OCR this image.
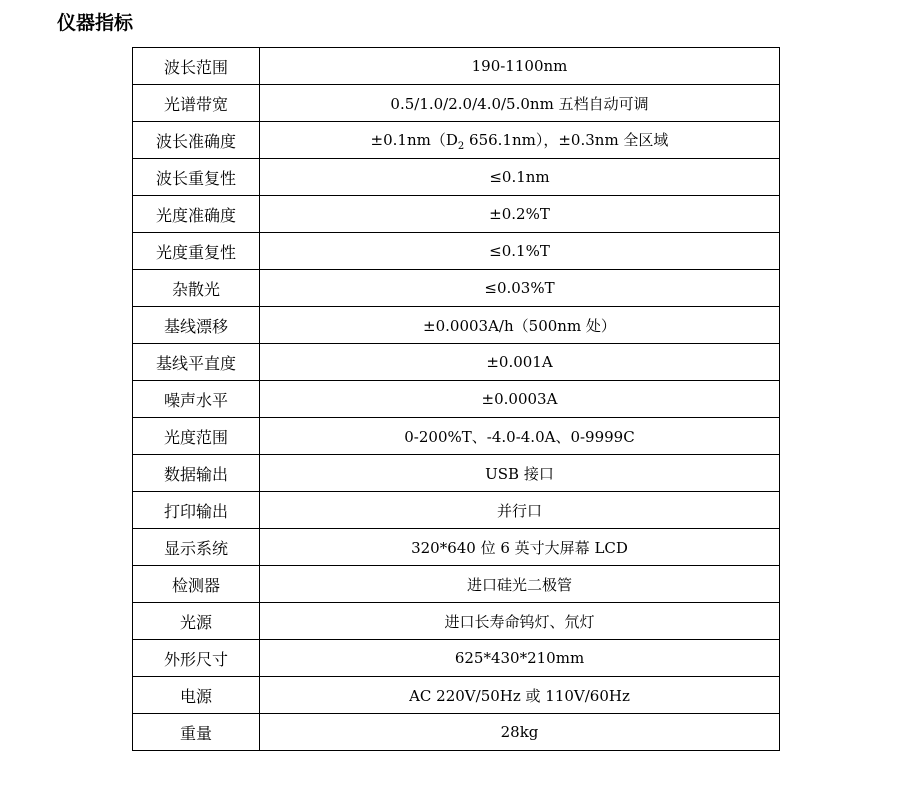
仪器指标
波长范围	190-1100nm
光谱带宽	0.5/1.0/2.0/4.0/5.0nm 五档自动可调
波长准确度	$\pm 0.1nm(D_2$ 656.1nm），±0.3nm 全区域
波长重复性	≤0.1nm
光度准确度	±0.2%T
光度重复性	≤0.1%T
杂散光	≤0.03%T
基线漂移	±0.0003A/h（500nm 处）
基线平直度	±0.001A
噪声水平	±0.0003A
光度范围	0-200%T、-4.0-4.0A、0-9999C
数据输出	USB 接口
打印输出	并行口
显示系统	320*640 位 6 英寸大屏幕 LCD
检测器	进口硅光二极管
光源	进口长寿命钨灯、氘灯
外形尺寸	625*430*210mm
电源	AC 220V/50Hz 或 110V/60Hz
重量	28kg
